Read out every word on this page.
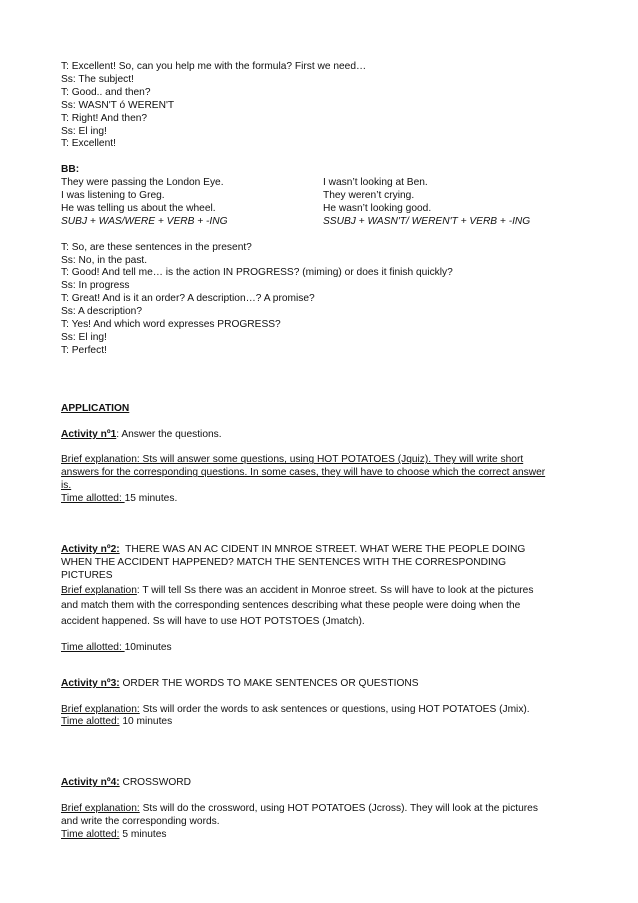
T: Excellent! So, can you help me with the formula? First we need…
Ss: The subject!
T: Good.. and then?
Ss: WASN'T ó WEREN'T
T: Right! And then?
Ss: El ing!
T: Excellent!
BB:
They were passing the London Eye.
I was listening to Greg.
He was telling us about the wheel.
SUBJ + WAS/WERE + VERB + -ING
I wasn’t looking at Ben.
They weren’t crying.
He wasn’t looking good.
SSUBJ + WASN'T/ WEREN'T + VERB + -ING
T: So, are these sentences in the present?
Ss: No, in the past.
T: Good! And tell me… is the action IN PROGRESS? (miming) or does it finish quickly?
Ss: In progress
T: Great! And is it an order? A description…? A promise?
Ss: A description?
T: Yes! And which word expresses PROGRESS?
Ss: El ing!
T: Perfect!
APPLICATION
Activity nº1: Answer the questions.
Brief explanation: Sts will answer some questions, using HOT POTATOES (Jquiz). They will write short
answers for the corresponding questions. In some cases, they will have to choose which the correct answer
is.
Time allotted: 15 minutes.
Activity nº2:  THERE WAS AN AC CIDENT IN MNROE STREET. WHAT WERE THE PEOPLE DOING
WHEN THE ACCIDENT HAPPENED? MATCH THE SENTENCES WITH THE CORRESPONDING
PICTURES
Brief explanation: T will tell Ss there was an accident in Monroe street. Ss will have to look at the pictures
and match them with the corresponding sentences describing what these people were doing when the
accident happened. Ss will have to use HOT POTSTOES (Jmatch).
Time allotted: 10minutes
Activity nº3: ORDER THE WORDS TO MAKE SENTENCES OR QUESTIONS
Brief explanation: Sts will order the words to ask sentences or questions, using HOT POTATOES (Jmix).
Time alotted: 10 minutes
Activity nº4: CROSSWORD
Brief explanation: Sts will do the crossword, using HOT POTATOES (Jcross). They will look at the pictures
and write the corresponding words.
Time alotted: 5 minutes
